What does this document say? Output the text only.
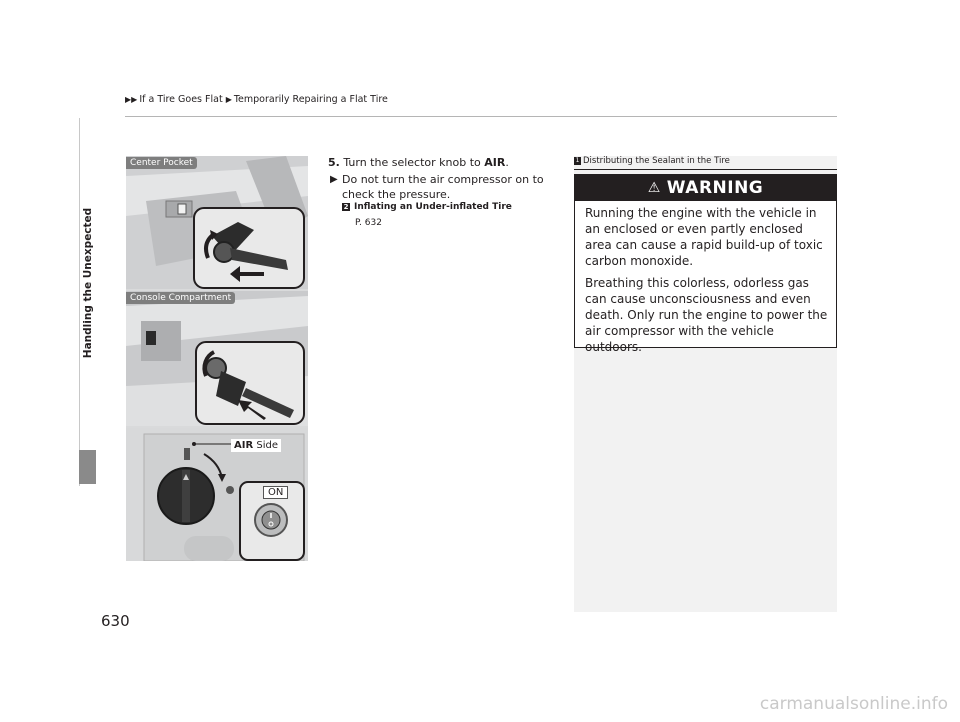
▶▶ If a Tire Goes Flat ▶ Temporarily Repairing a Flat Tire
Handling the Unexpected
630
Center Pocket
Console Compartment
AIR Side
ON
5. Turn the selector knob to AIR.
▶ Do not turn the air compressor on to check the pressure.
2 Inflating an Under-inflated Tire
P. 632
1 Distributing the Sealant in the Tire
⚠ WARNING
Running the engine with the vehicle in an enclosed or even partly enclosed area can cause a rapid build-up of toxic carbon monoxide.
Breathing this colorless, odorless gas can cause unconsciousness and even death. Only run the engine to power the air compressor with the vehicle outdoors.
carmanualsonline.info
